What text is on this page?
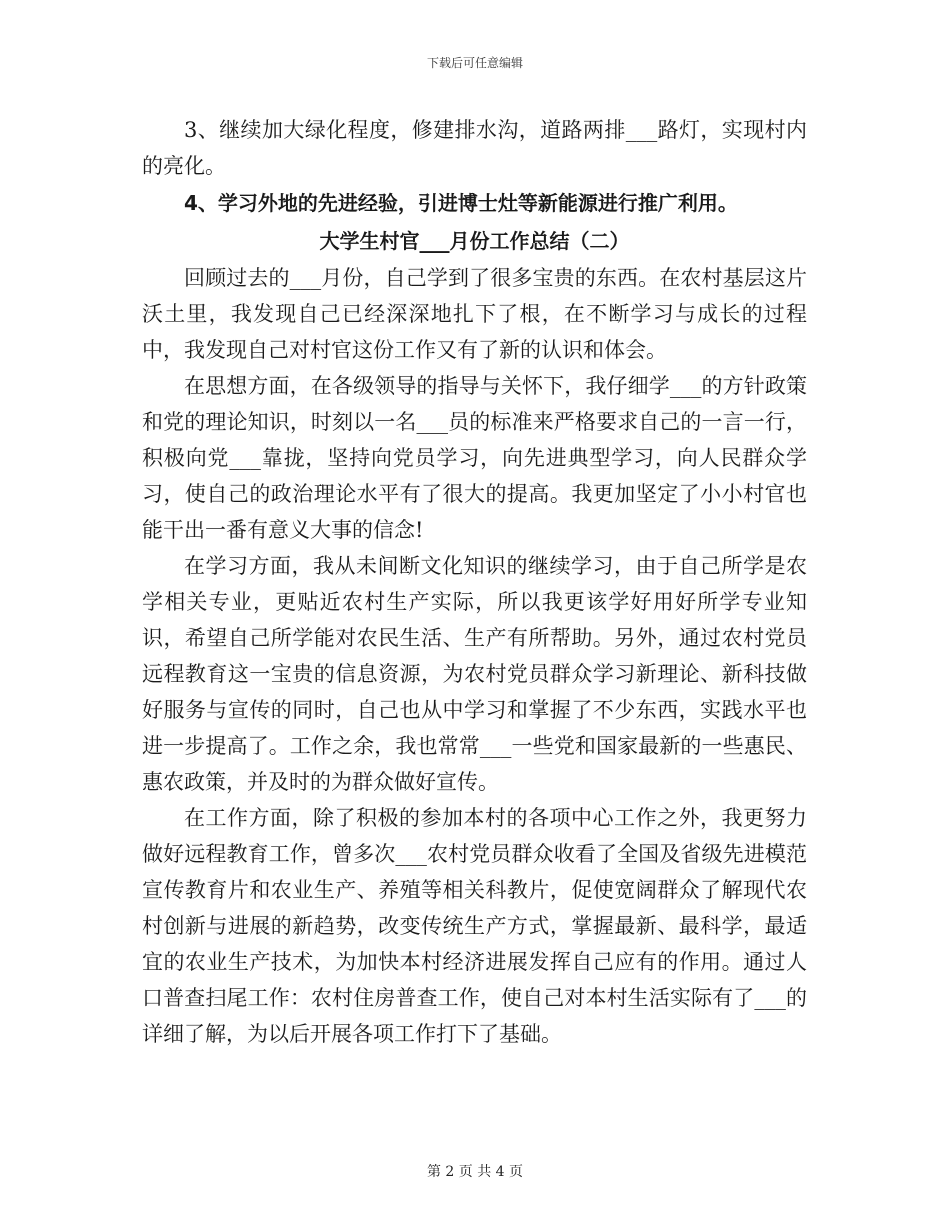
下载后可任意编辑

3、继续加大绿化程度，修建排水沟，道路两排___路灯，实现村内的亮化。

4、学习外地的先进经验，引进博士灶等新能源进行推广利用。

大学生村官___月份工作总结（二）

回顾过去的___月份，自己学到了很多宝贵的东西。在农村基层这片沃土里，我发现自己已经深深地扎下了根，在不断学习与成长的过程中，我发现自己对村官这份工作又有了新的认识和体会。

在思想方面，在各级领导的指导与关怀下，我仔细学___的方针政策和党的理论知识，时刻以一名___员的标准来严格要求自己的一言一行，积极向党___靠拢，坚持向党员学习，向先进典型学习，向人民群众学习，使自己的政治理论水平有了很大的提高。我更加坚定了小小村官也能干出一番有意义大事的信念!

在学习方面，我从未间断文化知识的继续学习，由于自己所学是农学相关专业，更贴近农村生产实际，所以我更该学好用好所学专业知识，希望自己所学能对农民生活、生产有所帮助。另外，通过农村党员远程教育这一宝贵的信息资源，为农村党员群众学习新理论、新科技做好服务与宣传的同时，自己也从中学习和掌握了不少东西，实践水平也进一步提高了。工作之余，我也常常___一些党和国家最新的一些惠民、惠农政策，并及时的为群众做好宣传。

在工作方面，除了积极的参加本村的各项中心工作之外，我更努力做好远程教育工作，曾多次___农村党员群众收看了全国及省级先进模范宣传教育片和农业生产、养殖等相关科教片，促使宽阔群众了解现代农村创新与进展的新趋势，改变传统生产方式，掌握最新、最科学，最适宜的农业生产技术，为加快本村经济进展发挥自己应有的作用。通过人口普查扫尾工作：农村住房普查工作，使自己对本村生活实际有了___的详细了解，为以后开展各项工作打下了基础。

第 2 页 共 4 页
